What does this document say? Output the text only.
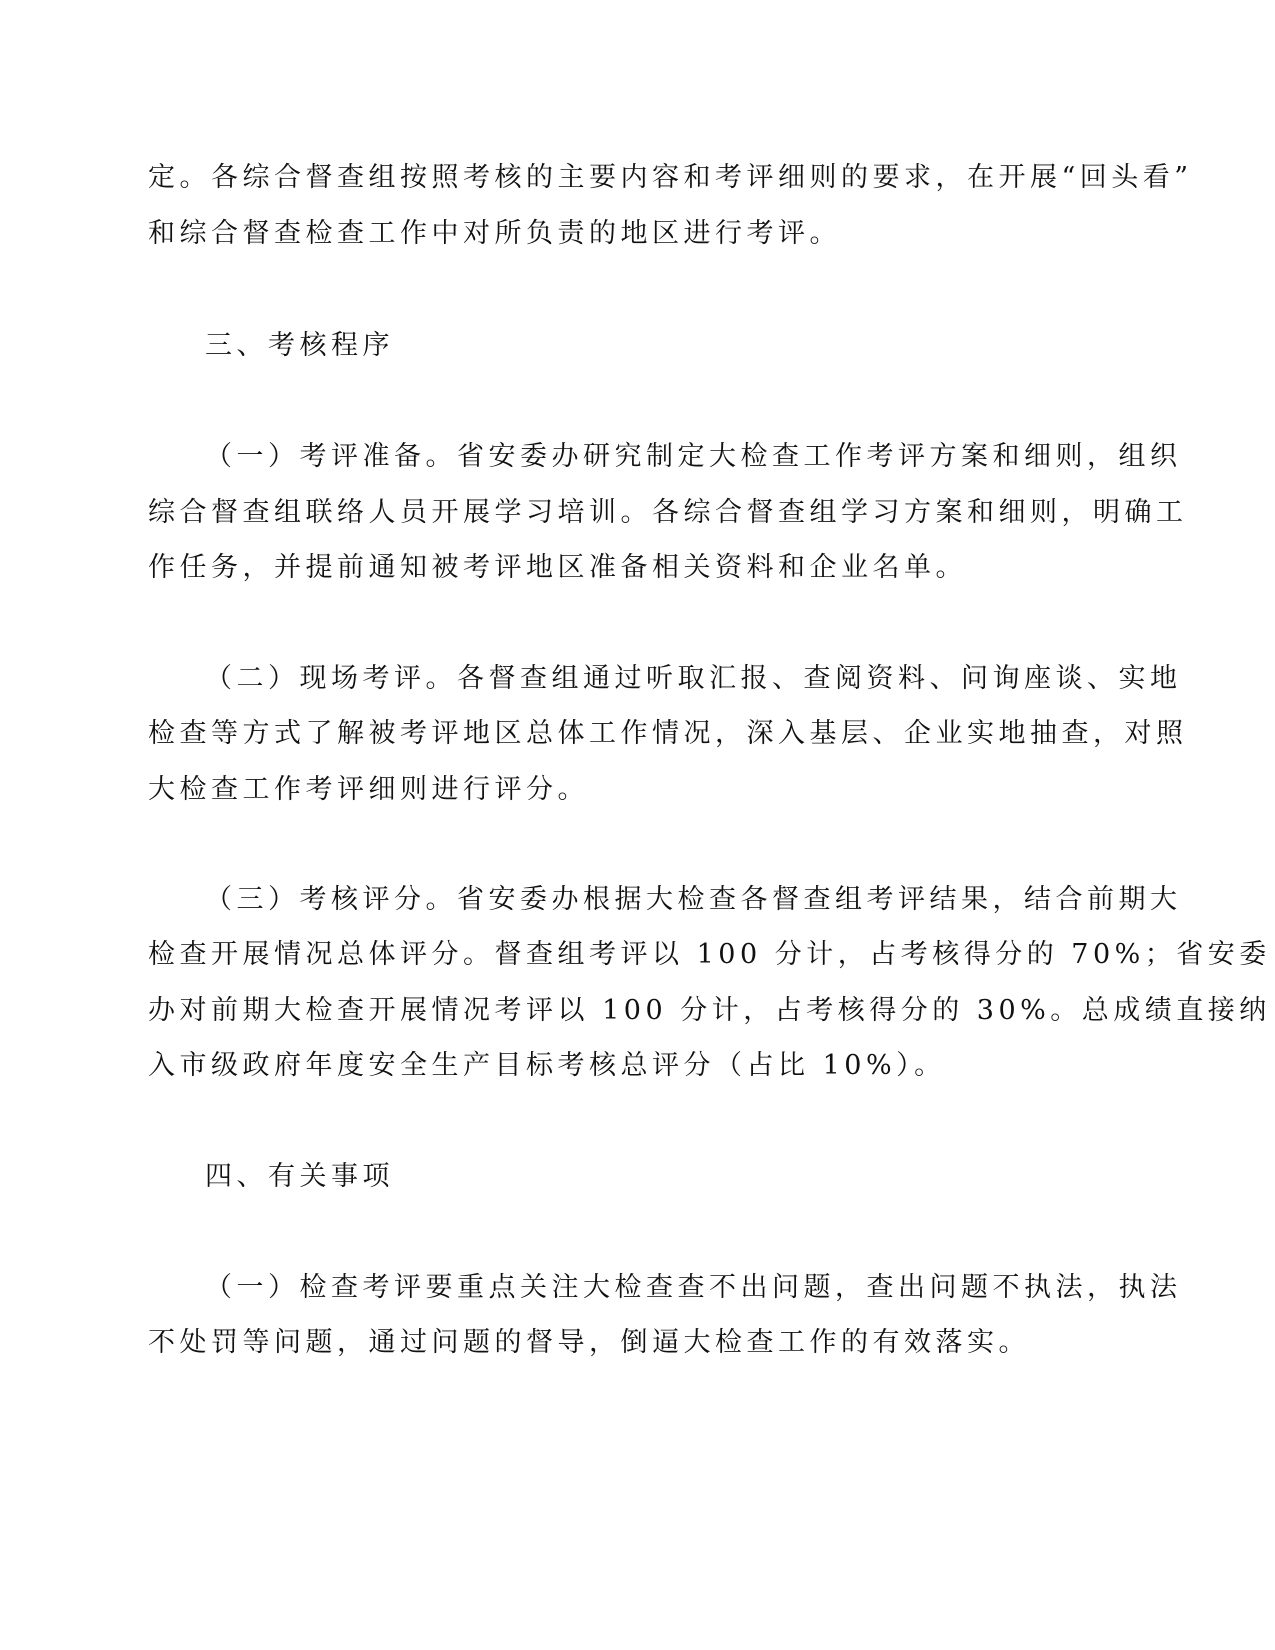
定。各综合督查组按照考核的主要内容和考评细则的要求，在开展“回头看”
和综合督查检查工作中对所负责的地区进行考评。
三、考核程序
（一）考评准备。省安委办研究制定大检查工作考评方案和细则，组织
综合督查组联络人员开展学习培训。各综合督查组学习方案和细则，明确工
作任务，并提前通知被考评地区准备相关资料和企业名单。
（二）现场考评。各督查组通过听取汇报、查阅资料、问询座谈、实地
检查等方式了解被考评地区总体工作情况，深入基层、企业实地抽查，对照
大检查工作考评细则进行评分。
（三）考核评分。省安委办根据大检查各督查组考评结果，结合前期大
检查开展情况总体评分。督查组考评以 100 分计，占考核得分的 70%；省安委
办对前期大检查开展情况考评以 100 分计，占考核得分的 30%。总成绩直接纳
入市级政府年度安全生产目标考核总评分（占比 10%）。
四、有关事项
（一）检查考评要重点关注大检查查不出问题，查出问题不执法，执法
不处罚等问题，通过问题的督导，倒逼大检查工作的有效落实。
